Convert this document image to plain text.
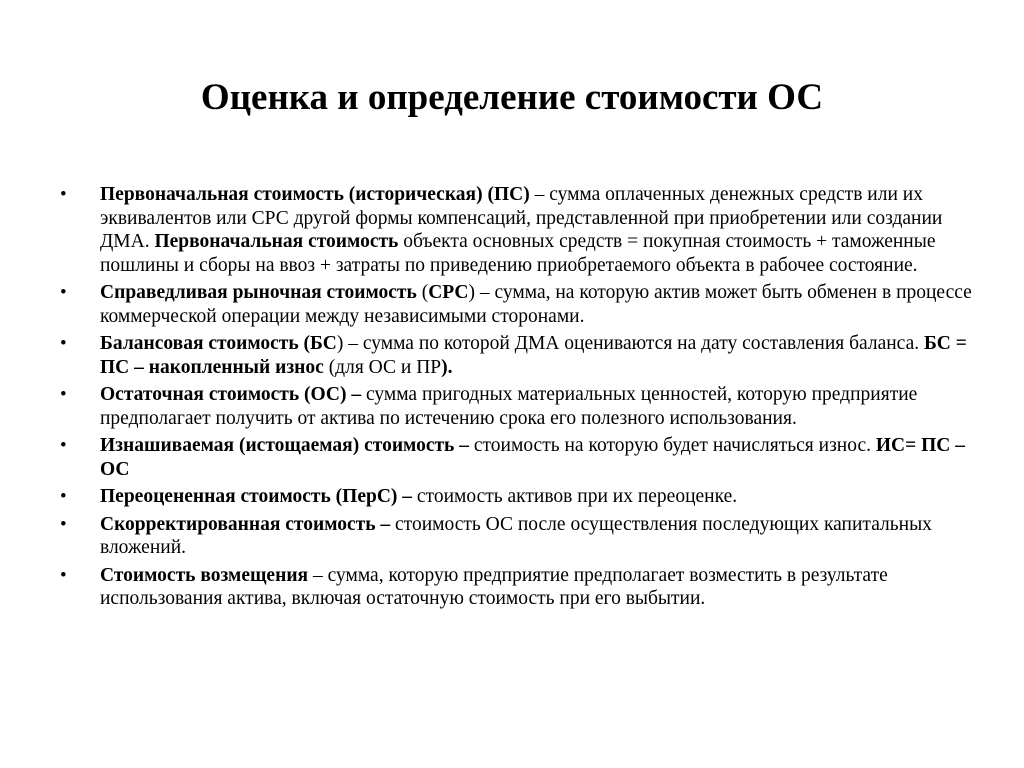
Оценка и определение стоимости ОС
•	Первоначальная стоимость (историческая) (ПС) – сумма оплаченных денежных средств или их эквивалентов или СРС другой формы компенсаций, представленной при приобретении или создании ДМА. Первоначальная стоимость объекта основных средств = покупная стоимость + таможенные пошлины и сборы на ввоз + затраты по приведению приобретаемого объекта в рабочее состояние.
•	Справедливая рыночная стоимость (СРС) – сумма, на которую актив может быть обменен в процессе коммерческой операции между независимыми сторонами.
•	Балансовая стоимость (БС) – сумма по которой ДМА оцениваются на дату составления баланса. БС = ПС – накопленный износ (для ОС и ПР).
•	Остаточная стоимость (ОС) – сумма пригодных материальных ценностей, которую предприятие предполагает получить от актива по истечению срока его полезного использования.
•	Изнашиваемая (истощаемая) стоимость – стоимость на которую будет начисляться износ. ИС= ПС – ОС
•	Переоцененная стоимость (ПерС) – стоимость активов при их переоценке.
•	Скорректированная стоимость – стоимость ОС после осуществления последующих капитальных вложений.
•	Стоимость возмещения – сумма, которую предприятие предполагает возместить в результате использования актива, включая остаточную стоимость при его выбытии.
